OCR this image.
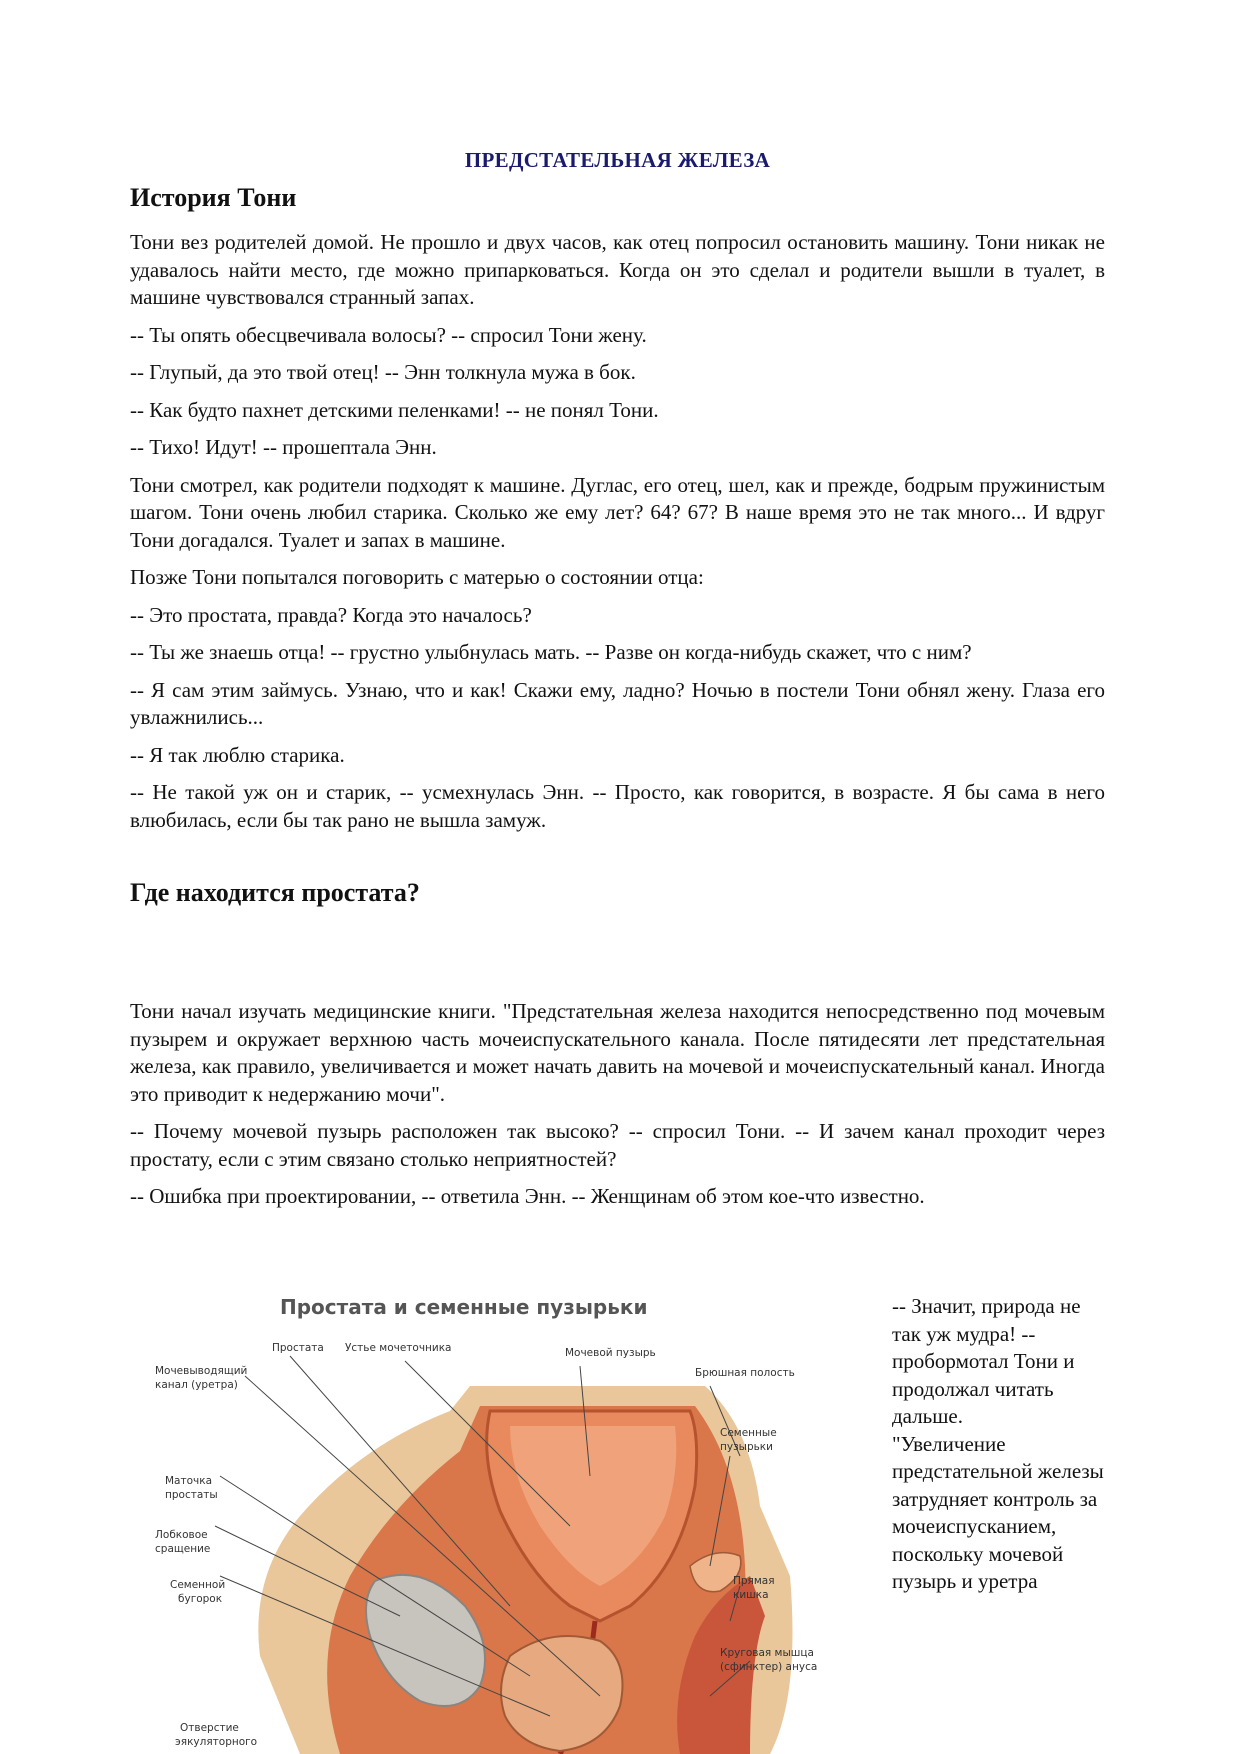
ПРЕДСТАТЕЛЬНАЯ ЖЕЛЕЗА
История Тони

Тони вез родителей домой. Не прошло и двух часов, как отец попросил остановить машину. Тони никак не удавалось найти место, где можно припарковаться. Когда он это сделал и родители вышли в туалет, в машине чувствовался странный запах.

-- Ты опять обесцвечивала волосы? -- спросил Тони жену.

-- Глупый, да это твой отец! -- Энн толкнула мужа в бок.

-- Как будто пахнет детскими пеленками! -- не понял Тони.

-- Тихо! Идут! -- прошептала Энн.

Тони смотрел, как родители подходят к машине. Дуглас, его отец, шел, как и прежде, бодрым пружинистым шагом. Тони очень любил старика. Сколько же ему лет? 64? 67? В наше время это не так много... И вдруг Тони догадался. Туалет и запах в машине.

Позже Тони попытался поговорить с матерью о состоянии отца:

-- Это простата, правда? Когда это началось?

-- Ты же знаешь отца! -- грустно улыбнулась мать. -- Разве он когда-нибудь скажет, что с ним?

-- Я сам этим займусь. Узнаю, что и как! Скажи ему, ладно? Ночью в постели Тони обнял жену. Глаза его увлажнились...

-- Я так люблю старика.

-- Не такой уж он и старик, -- усмехнулась Энн. -- Просто, как говорится, в возрасте. Я бы сама в него влюбилась, если бы так рано не вышла замуж.

Где находится простата?

Тони начал изучать медицинские книги. "Предстательная железа находится непосредственно под мочевым пузырем и окружает верхнюю часть мочеиспускательного канала. После пятидесяти лет предстательная железа, как правило, увеличивается и может начать давить на мочевой и мочеиспускательный канал. Иногда это приводит к недержанию мочи".

-- Почему мочевой пузырь расположен так высоко? -- спросил Тони. -- И зачем канал проходит через простату, если с этим связано столько неприятностей?

-- Ошибка при проектировании, -- ответила Энн. -- Женщинам об этом кое-что известно.

Простата и семенные пузырьки
Простата Устье мочеточника	Мочевой пузырь
Мочевыводящий
канал (уретра)
Брюшная полость
Семенные
пузырьки
Маточка
простаты
Лобковое
сращение
Семенной
бугорок
Прямая
кишка
Круговая мышца
(сфинктер) ануса
Отверстие
эякуляторного

-- Значит, природа не так уж мудра! -- пробормотал Тони и продолжал читать дальше.

"Увеличение предстательной железы затрудняет контроль за мочеиспусканием, поскольку мочевой пузырь и уретра
